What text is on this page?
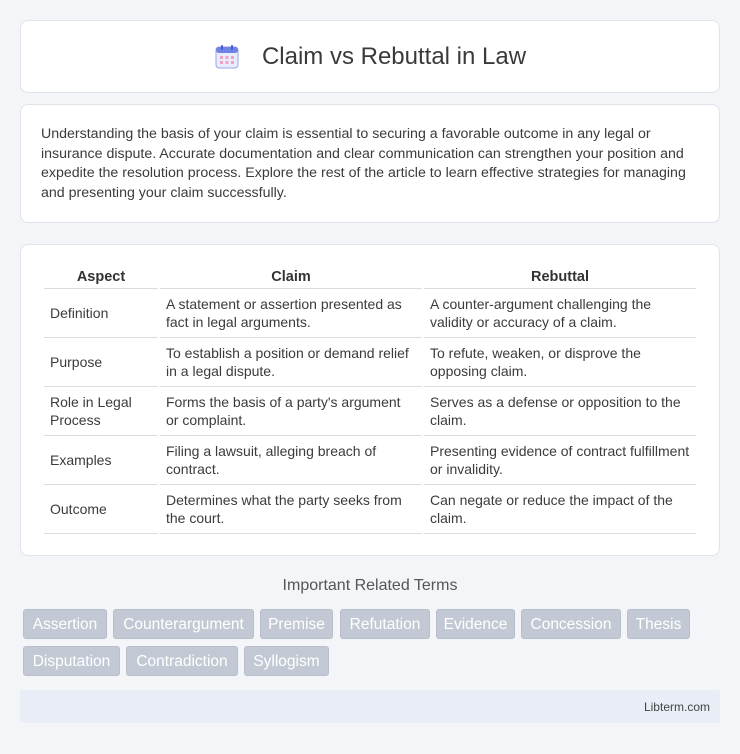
Claim vs Rebuttal in Law

Understanding the basis of your claim is essential to securing a favorable outcome in any legal or insurance dispute. Accurate documentation and clear communication can strengthen your position and expedite the resolution process. Explore the rest of the article to learn effective strategies for managing and presenting your claim successfully.

Aspect	Claim	Rebuttal
Definition	A statement or assertion presented as fact in legal arguments.	A counter-argument challenging the validity or accuracy of a claim.
Purpose	To establish a position or demand relief in a legal dispute.	To refute, weaken, or disprove the opposing claim.
Role in Legal Process	Forms the basis of a party's argument or complaint.	Serves as a defense or opposition to the claim.
Examples	Filing a lawsuit, alleging breach of contract.	Presenting evidence of contract fulfillment or invalidity.
Outcome	Determines what the party seeks from the court.	Can negate or reduce the impact of the claim.
Important Related Terms
Assertion	Counterargument	Premise	Refutation	Evidence	Concession	Thesis
Disputation	Contradiction	Syllogism
Libterm.com
